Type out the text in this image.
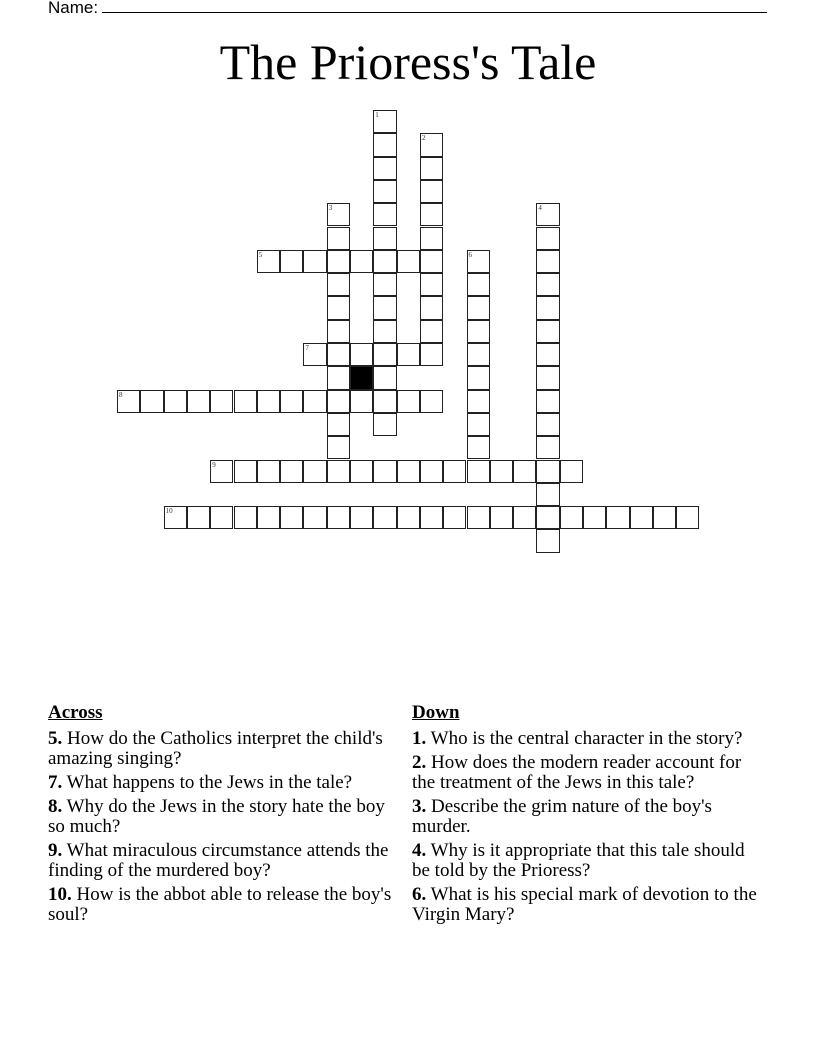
Name:
The Prioress's Tale
1
2
3	4
5	6
7
8
9
10
Across
5. How do the Catholics interpret the child's amazing singing?
7. What happens to the Jews in the tale?
8. Why do the Jews in the story hate the boy so much?
9. What miraculous circumstance attends the finding of the murdered boy?
10. How is the abbot able to release the boy's soul?
Down
1. Who is the central character in the story?
2. How does the modern reader account for the treatment of the Jews in this tale?
3. Describe the grim nature of the boy's murder.
4. Why is it appropriate that this tale should be told by the Prioress?
6. What is his special mark of devotion to the Virgin Mary?
